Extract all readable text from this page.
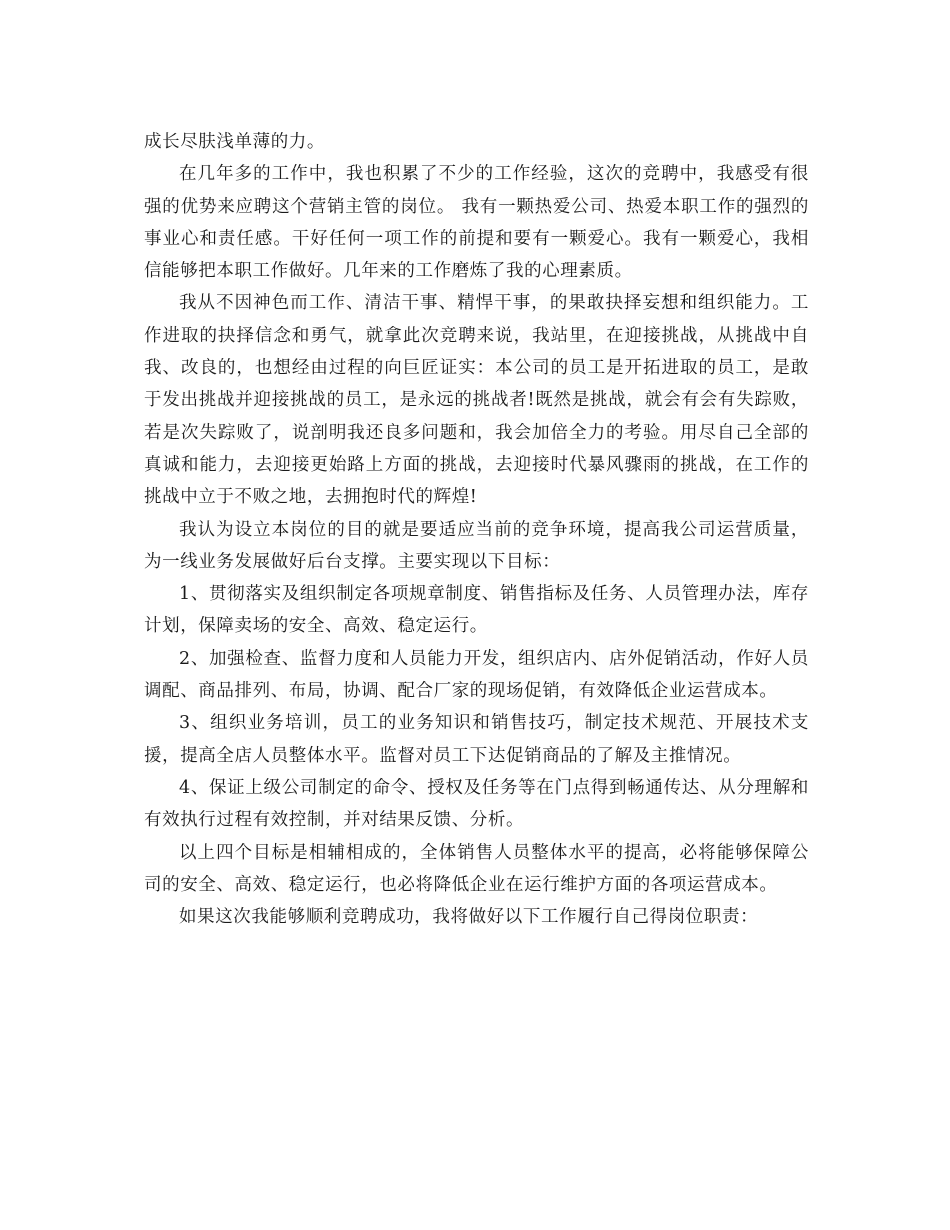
成长尽肤浅单薄的力。

在几年多的工作中，我也积累了不少的工作经验，这次的竞聘中，我感受有很强的优势来应聘这个营销主管的岗位。 我有一颗热爱公司、热爱本职工作的强烈的事业心和责任感。干好任何一项工作的前提和要有一颗爱心。我有一颗爱心，我相信能够把本职工作做好。几年来的工作磨炼了我的心理素质。

我从不因神色而工作、清洁干事、精悍干事，的果敢抉择妄想和组织能力。工作进取的抉择信念和勇气，就拿此次竞聘来说，我站里，在迎接挑战，从挑战中自我、改良的，也想经由过程的向巨匠证实：本公司的员工是开拓进取的员工，是敢于发出挑战并迎接挑战的员工，是永远的挑战者!既然是挑战，就会有会有失踪败，若是次失踪败了，说剖明我还良多问题和，我会加倍全力的考验。用尽自己全部的真诚和能力，去迎接更始路上方面的挑战，去迎接时代暴风骤雨的挑战，在工作的挑战中立于不败之地，去拥抱时代的辉煌!

我认为设立本岗位的目的就是要适应当前的竞争环境，提高我公司运营质量，为一线业务发展做好后台支撑。主要实现以下目标：

1、贯彻落实及组织制定各项规章制度、销售指标及任务、人员管理办法，库存计划，保障卖场的安全、高效、稳定运行。

2、加强检查、监督力度和人员能力开发，组织店内、店外促销活动，作好人员调配、商品排列、布局，协调、配合厂家的现场促销，有效降低企业运营成本。

3、组织业务培训，员工的业务知识和销售技巧，制定技术规范、开展技术支援，提高全店人员整体水平。监督对员工下达促销商品的了解及主推情况。

4、保证上级公司制定的命令、授权及任务等在门点得到畅通传达、从分理解和有效执行过程有效控制，并对结果反馈、分析。

以上四个目标是相辅相成的，全体销售人员整体水平的提高，必将能够保障公司的安全、高效、稳定运行，也必将降低企业在运行维护方面的各项运营成本。

如果这次我能够顺利竞聘成功，我将做好以下工作履行自己得岗位职责：
